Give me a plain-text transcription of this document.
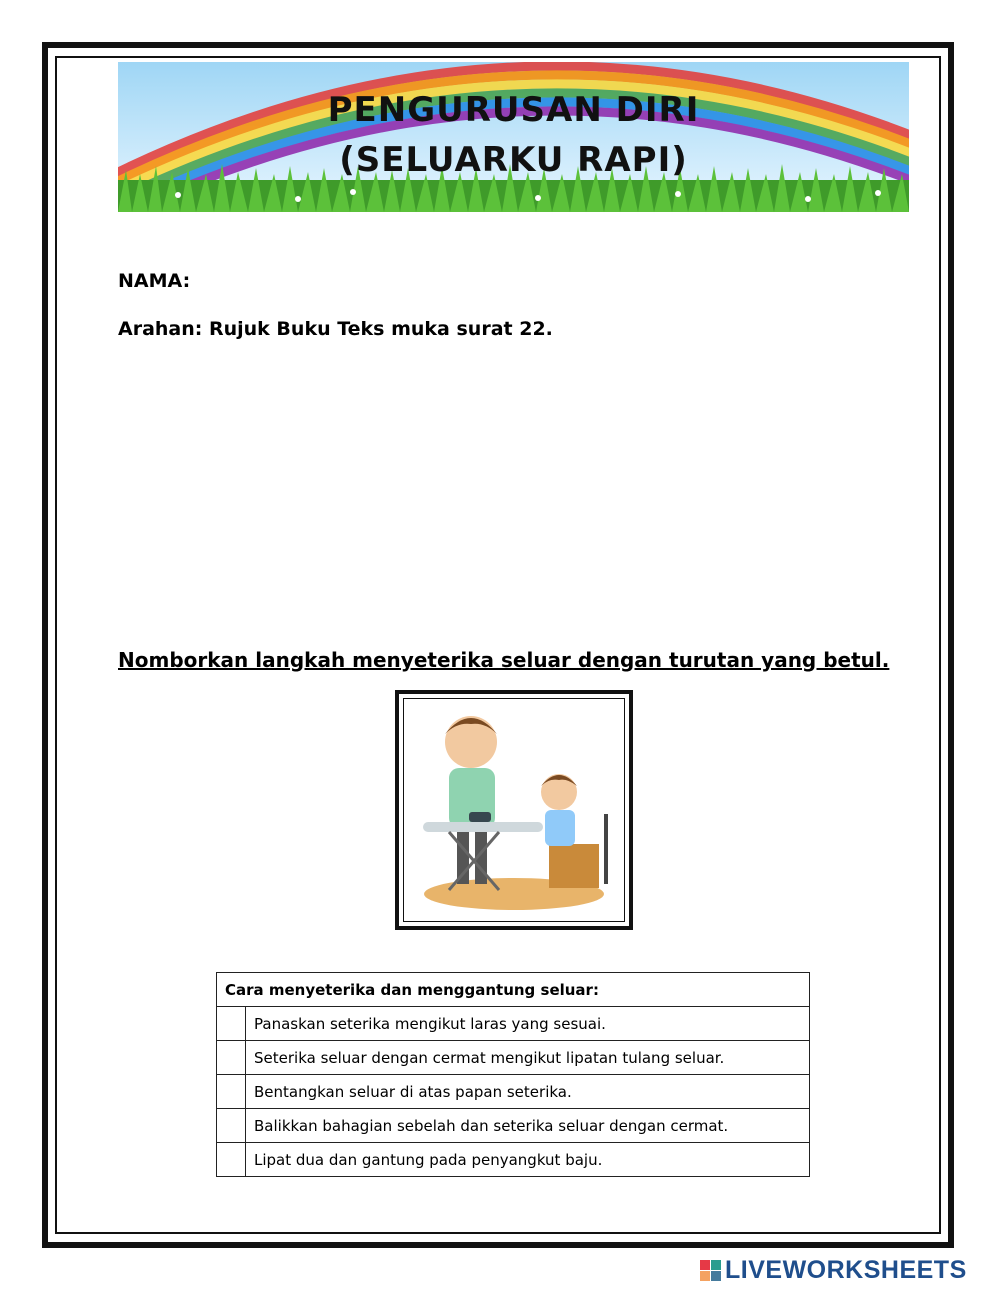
PENGURUSAN DIRI
(SELUARKU RAPI)
NAMA:
Arahan: Rujuk Buku Teks muka surat 22.
Nomborkan langkah menyeterika seluar dengan turutan yang betul.
Cara menyeterika dan menggantung seluar:	
	Panaskan seterika mengikut laras yang sesuai.
	Seterika seluar dengan cermat mengikut lipatan tulang seluar.
	Bentangkan seluar di atas papan seterika.
	Balikkan bahagian sebelah dan seterika seluar dengan cermat.
	Lipat dua dan gantung pada penyangkut baju.
LIVEWORKSHEETS
